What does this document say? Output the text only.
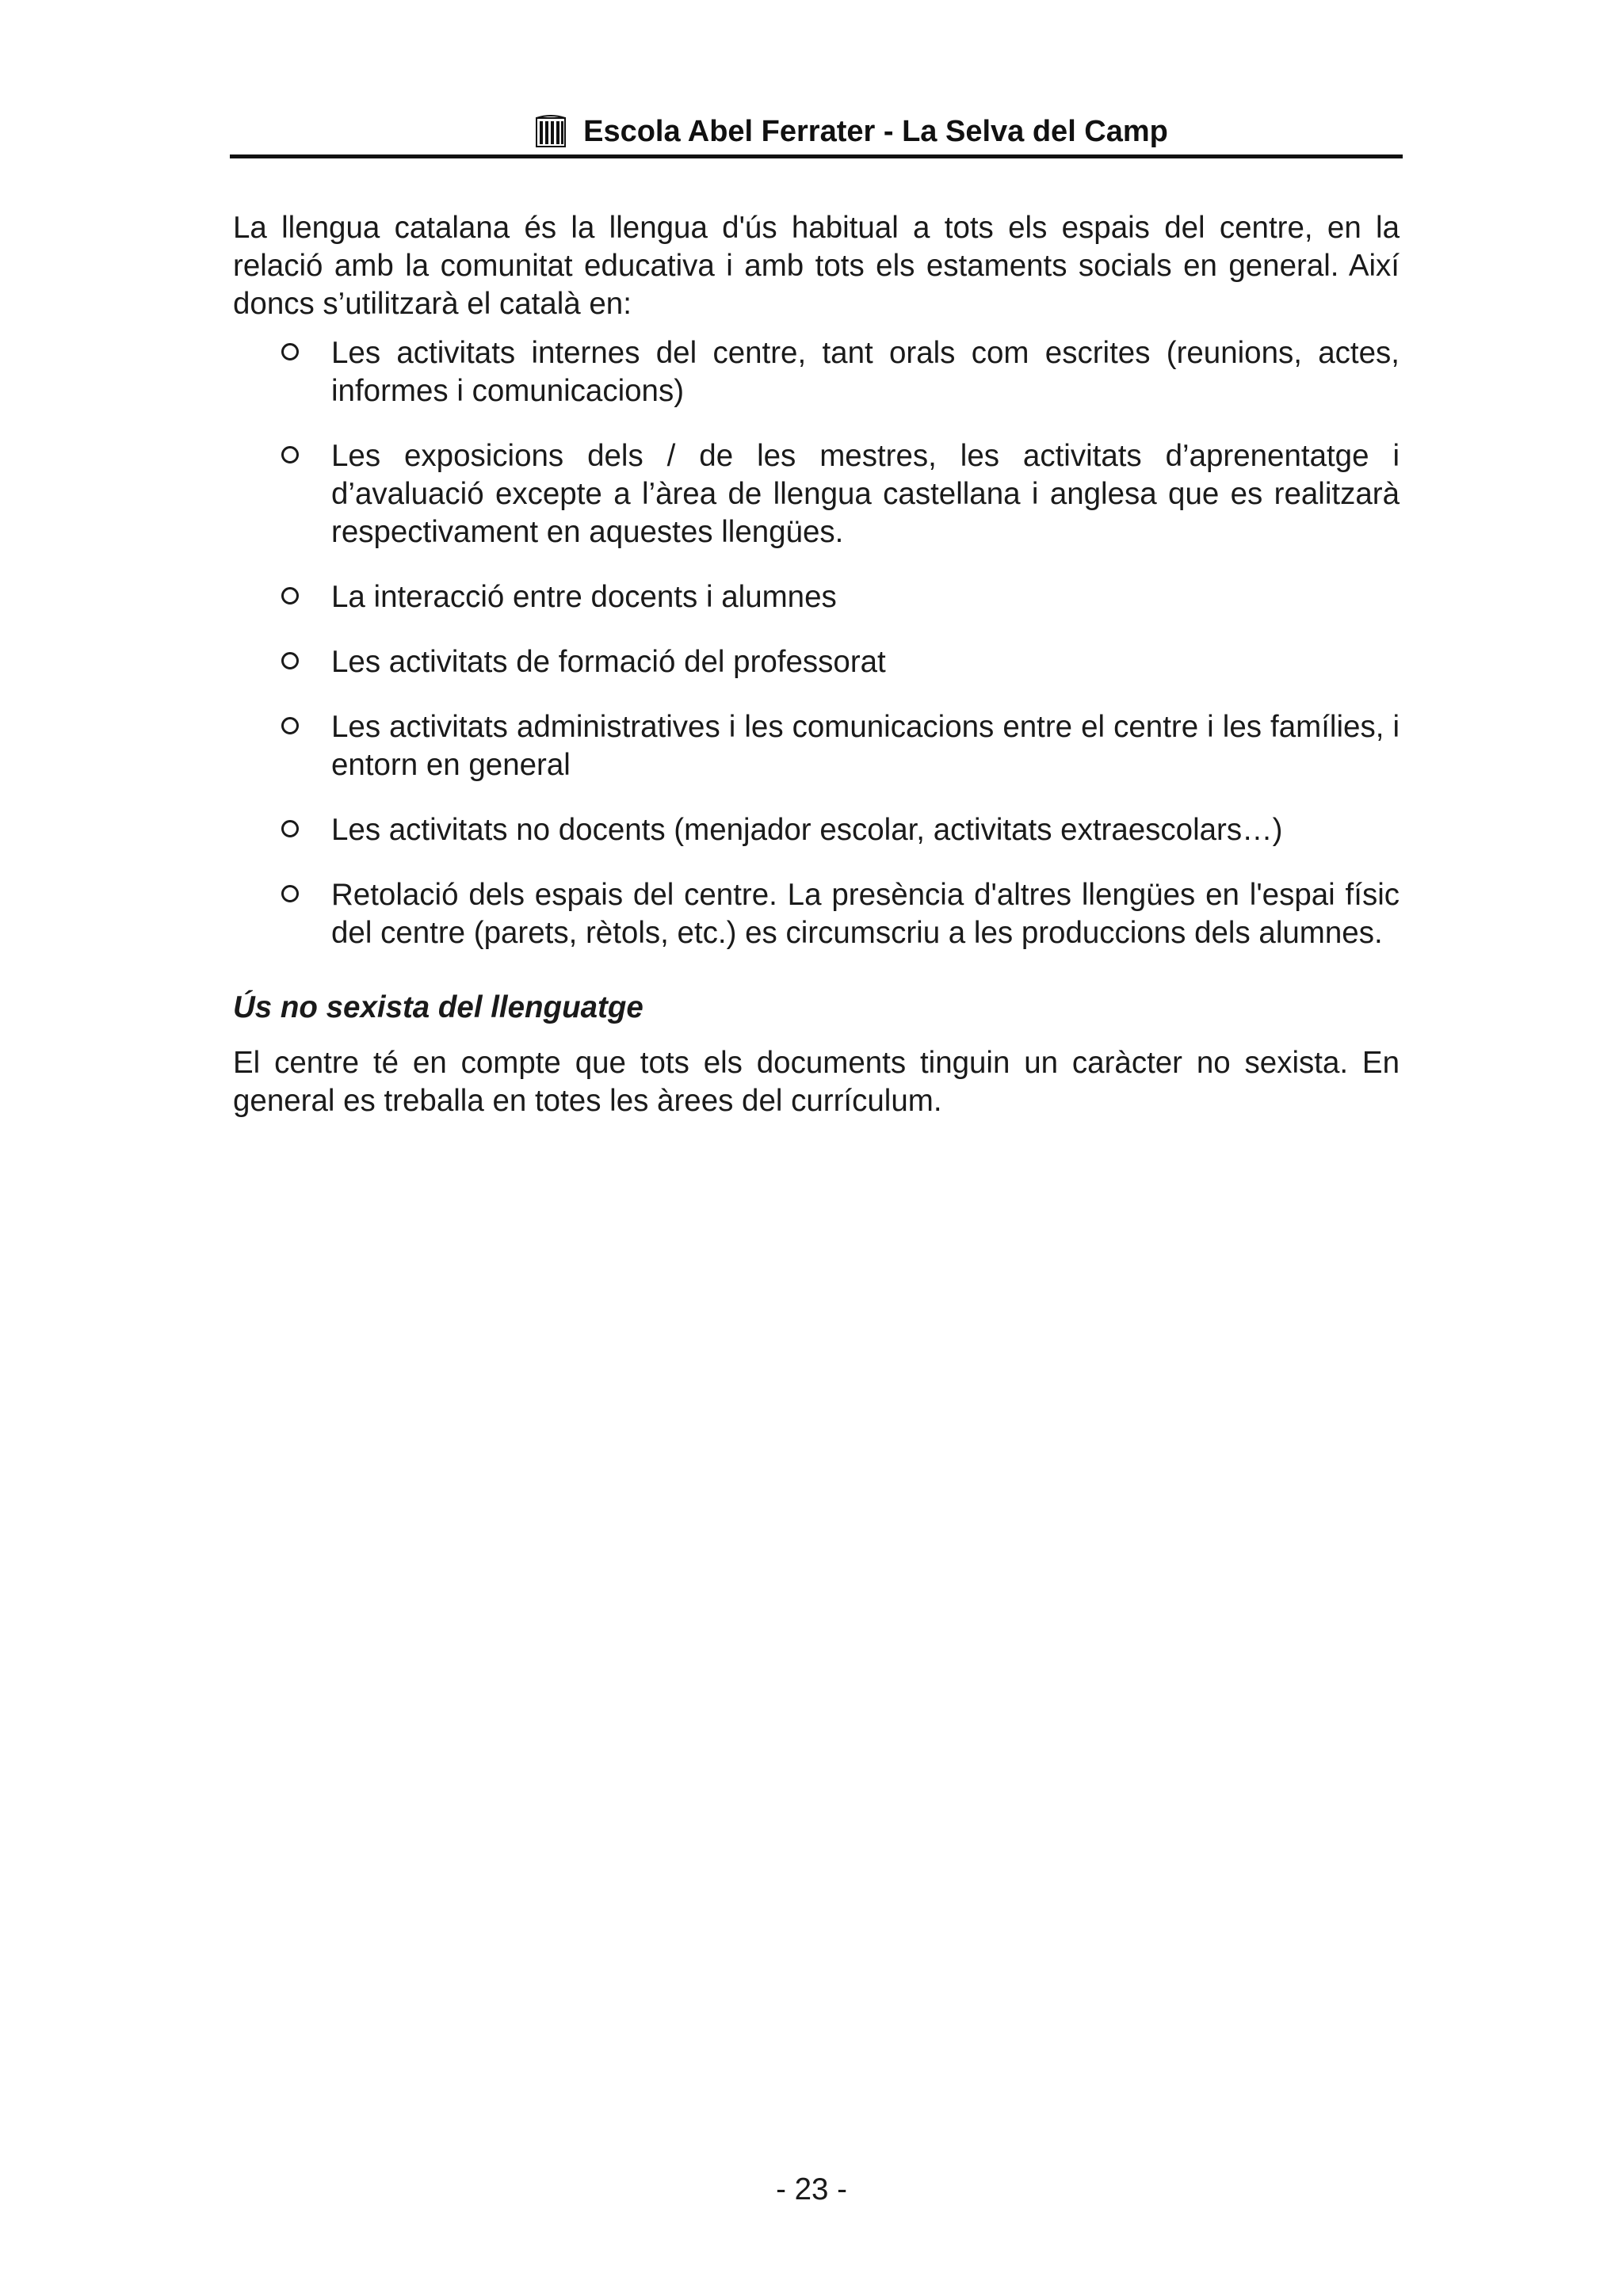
Escola Abel Ferrater - La Selva del Camp

La llengua catalana és la llengua d'ús habitual a tots els espais del centre, en la relació amb la comunitat educativa i amb tots els estaments socials en general. Així doncs s’utilitzarà el català en:

Les activitats internes del centre, tant orals com escrites (reunions, actes, informes i comunicacions)
Les exposicions dels / de les mestres, les activitats d’aprenentatge i d’avaluació excepte a l’àrea de llengua castellana i anglesa que es realitzarà respectivament en aquestes llengües.
La interacció entre docents i alumnes
Les activitats de formació del professorat
Les activitats administratives i les comunicacions entre el centre i les famílies, i entorn en general
Les activitats no docents (menjador escolar, activitats extraescolars…)
Retolació dels espais del centre. La presència d'altres llengües en l'espai físic del centre (parets, rètols, etc.) es circumscriu a les produccions dels alumnes.

Ús no sexista del llenguatge

El centre té en compte que tots els documents tinguin un caràcter no sexista. En general es treballa en totes les àrees del currículum.

- 23 -
